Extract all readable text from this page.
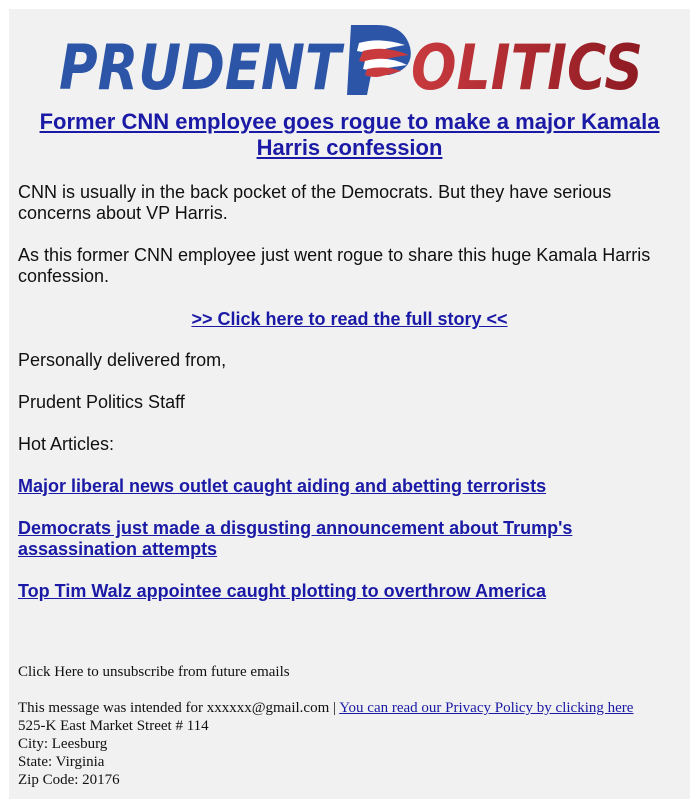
PRUDENT OLITICS
Former CNN employee goes rogue to make a major Kamala Harris confession
CNN is usually in the back pocket of the Democrats. But they have serious concerns about VP Harris.
As this former CNN employee just went rogue to share this huge Kamala Harris confession.
>> Click here to read the full story <<
Personally delivered from,
Prudent Politics Staff
Hot Articles:
Major liberal news outlet caught aiding and abetting terrorists
Democrats just made a disgusting announcement about Trump's assassination attempts
Top Tim Walz appointee caught plotting to overthrow America
Click Here to unsubscribe from future emails
This message was intended for xxxxxx@gmail.com | You can read our Privacy Policy by clicking here
525-K East Market Street # 114
City: Leesburg
State: Virginia
Zip Code: 20176
